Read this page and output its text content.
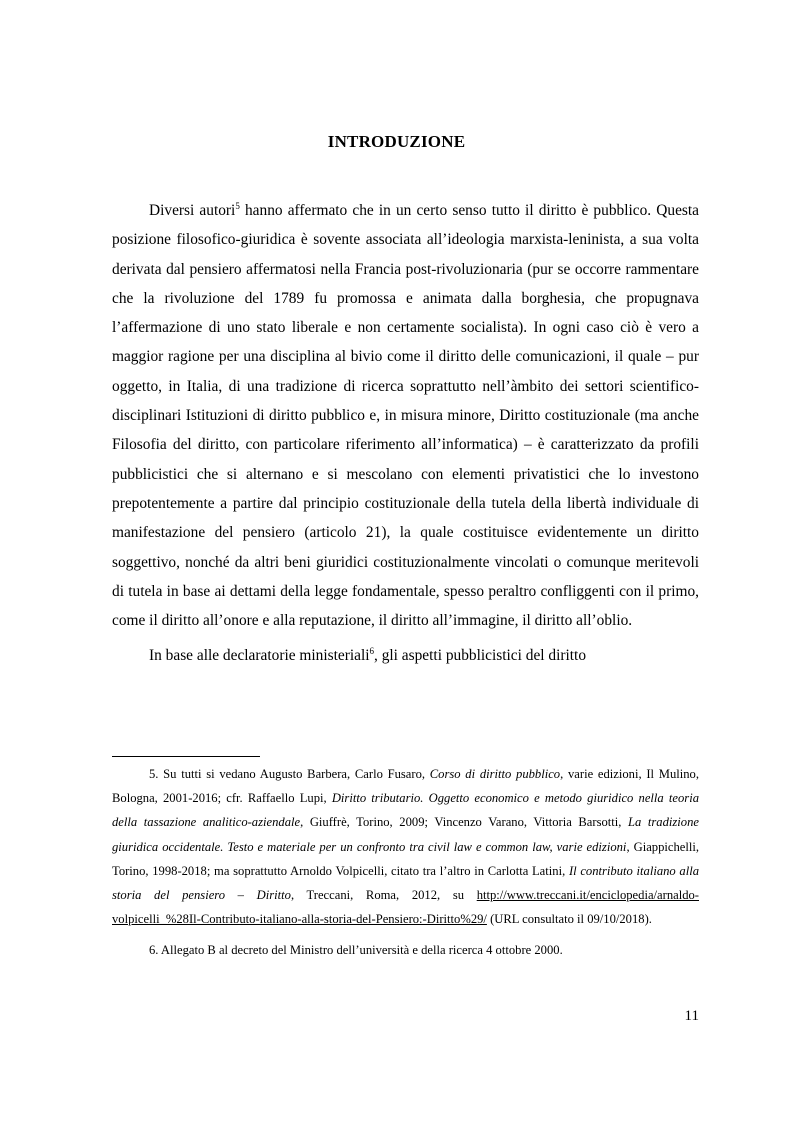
INTRODUZIONE

Diversi autori$^5$ hanno affermato che in un certo senso tutto il diritto è pubblico. Questa posizione filosofico-giuridica è sovente associata all’ideologia marxista-leninista, a sua volta derivata dal pensiero affermatosi nella Francia post-rivoluzionaria (pur se occorre rammentare che la rivoluzione del 1789 fu promossa e animata dalla borghesia, che propugnava l’affermazione di uno stato liberale e non certamente socialista). In ogni caso ciò è vero a maggior ragione per una disciplina al bivio come il diritto delle comunicazioni, il quale – pur oggetto, in Italia, di una tradizione di ricerca soprattutto nell’àmbito dei settori scientifico-disciplinari Istituzioni di diritto pubblico e, in misura minore, Diritto costituzionale (ma anche Filosofia del diritto, con particolare riferimento all’informatica) – è caratterizzato da profili pubblicistici che si alternano e si mescolano con elementi privatistici che lo investono prepotentemente a partire dal principio costituzionale della tutela della libertà individuale di manifestazione del pensiero (articolo 21), la quale costituisce evidentemente un diritto soggettivo, nonché da altri beni giuridici costituzionalmente vincolati o comunque meritevoli di tutela in base ai dettami della legge fondamentale, spesso peraltro confliggenti con il primo, come il diritto all’onore e alla reputazione, il diritto all’immagine, il diritto all’oblio.

In base alle declaratorie ministeriali$^6$, gli aspetti pubblicistici del diritto

5. Su tutti si vedano Augusto Barbera, Carlo Fusaro, Corso di diritto pubblico, varie edizioni, Il Mulino, Bologna, 2001-2016; cfr. Raffaello Lupi, Diritto tributario. Oggetto economico e metodo giuridico nella teoria della tassazione analitico-aziendale, Giuffrè, Torino, 2009; Vincenzo Varano, Vittoria Barsotti, La tradizione giuridica occidentale. Testo e materiale per un confronto tra civil law e common law, varie edizioni, Giappichelli, Torino, 1998-2018; ma soprattutto Arnoldo Volpicelli, citato tra l’altro in Carlotta Latini, Il contributo italiano alla storia del pensiero – Diritto, Treccani, Roma, 2012, su http://www.treccani.it/enciclopedia/arnaldo-volpicelli_%28Il-Contributo-italiano-alla-storia-del-Pensiero:-Diritto%29/ (URL consultato il 09/10/2018).

6. Allegato B al decreto del Ministro dell’università e della ricerca 4 ottobre 2000.

11
